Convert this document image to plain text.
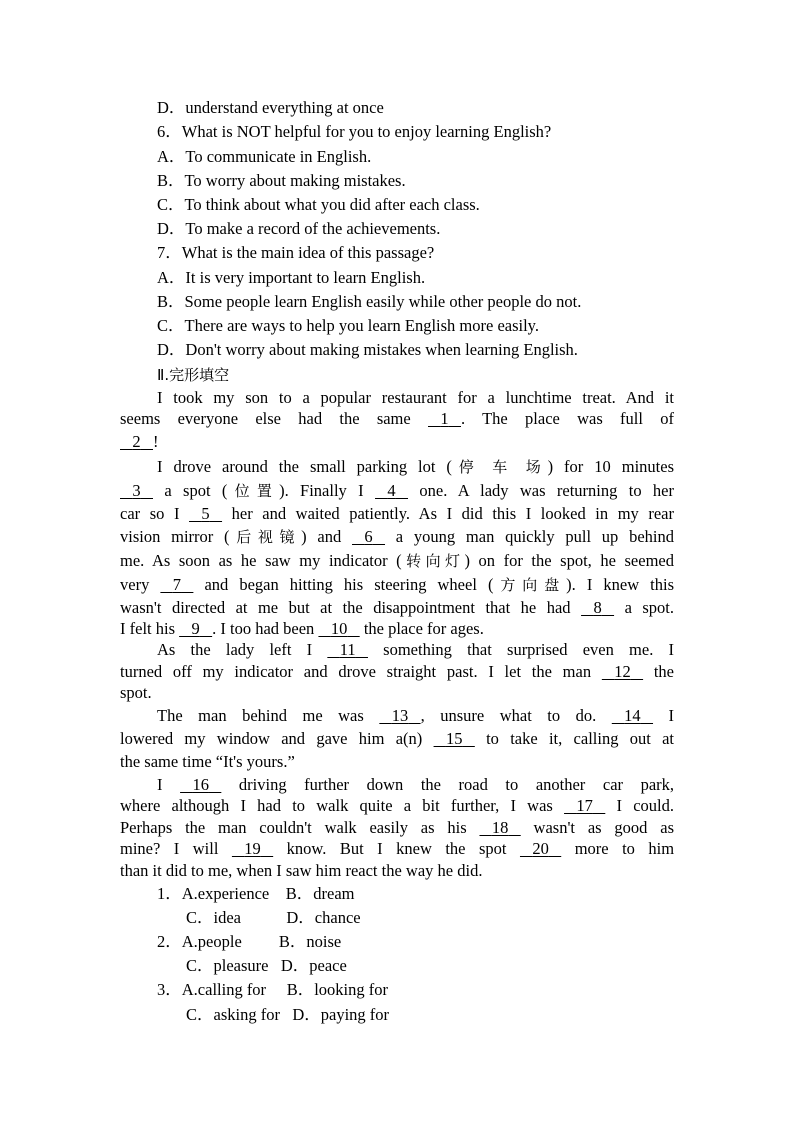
D．understand everything at once
6．What is NOT helpful for you to enjoy learning English?
A．To communicate in English.
B．To worry about making mistakes.
C．To think about what you did after each class.
D．To make a record of the achievements.
7．What is the main idea of this passage?
A．It is very important to learn English.
B．Some people learn English easily while other people do not.
C．There are ways to help you learn English more easily.
D．Don't worry about making mistakes when learning English.
Ⅱ.完形填空
I took my son to a popular restaurant for a lunchtime treat. And it
seems everyone else had the same 1 . The place was full of
2 !
I drove around the small parking lot (停 车 场) for 10 minutes
3 a spot (位置). Finally I 4 one. A lady was returning to her
car so I 5 her and waited patiently. As I did this I looked in my rear
vision mirror (后视镜) and 6 a young man quickly pull up behind
me. As soon as he saw my indicator (转向灯) on for the spot, he seemed
very 7 and began hitting his steering wheel (方向盘). I knew this
wasn't directed at me but at the disappointment that he had 8 a spot.
I felt his 9 . I too had been 10 the place for ages.
As the lady left I 11 something that surprised even me. I
turned off my indicator and drove straight past. I let the man 12 the
spot.
The man behind me was 13 , unsure what to do. 14 I
lowered my window and gave him a(n) 15 to take it, calling out at
the same time “It's yours.”
I 16 driving further down the road to another car park,
where although I had to walk quite a bit further, I was 17 I could.
Perhaps the man couldn't walk easily as his 18 wasn't as good as
mine? I will 19 know. But I knew the spot 20 more to him
than it did to me, when I saw him react the way he did.
1．A.experience B．dream
C．idea	D．chance
2．A.people B．noise
C．pleasure D．peace
3．A.calling for B．looking for
C．asking for D．paying for
